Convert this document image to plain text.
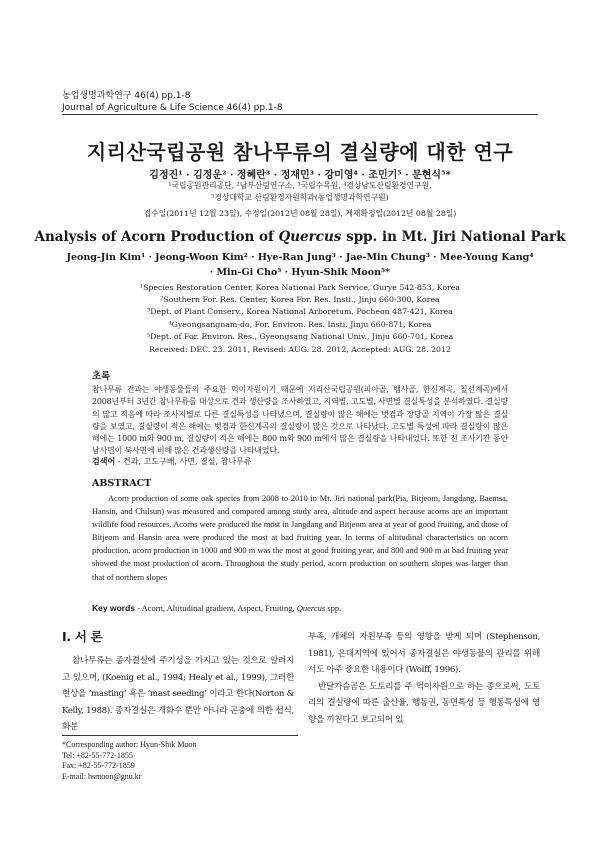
농업생명과학연구 46(4) pp.1-8
Journal of Agriculture & Life Science 46(4) pp.1-8
지리산국립공원 참나무류의 결실량에 대한 연구
김정진¹ · 김정운² · 정혜란³ · 정재민³ · 강미영⁴ · 조민기⁵ · 문현식⁵*
¹국립공원관리공단, ²남부산림연구소, ³국립수목원, ⁴경상남도산림환경연구원,
⁵경상대학교 산림환경자원학과(농업생명과학연구원)
접수일(2011년 12월 23일), 수정일(2012년 08월 28일), 게재확정일(2012년 08월 28일)
Analysis of Acorn Production of Quercus spp. in Mt. Jiri National Park
Jeong-Jin Kim¹ · Jeong-Woon Kim² · Hye-Ran Jung³ · Jae-Min Chung³ · Mee-Young Kang⁴
· Min-Gi Cho⁵ · Hyun-Shik Moon⁵*
¹Species Restoration Center, Korea National Park Service, Gurye 542-853, Korea
²Southern For. Res. Center, Korea For. Res. Insti., Jinju 660-300, Korea
³Dept. of Plant Conserv., Korea National Arboretum, Pocheon 487-421, Korea
⁴Gyeongsangnam-do, For. Environ. Res. Insti. Jinju 660-871, Korea
⁵Dept. of For. Environ. Res., Gyeongsang National Univ., Jinju 660-701, Korea
Received: DEC. 23. 2011, Revised: AUG. 28. 2012, Accepted: AUG. 28. 2012
초록
참나무류 견과는 야생동물들의 주요한 먹이자원이기 때문에 지리산국립공원(피아골, 뱀사골, 한신계곡, 칠선계곡)에서 2008년부터 3년간 참나무류를 대상으로 견과 생산량을 조사하였고, 지역별, 고도별, 사면별 결실특성을 분석하였다. 결실량의 많고 적음에 따라 조사지별로 다른 결실특성을 나타냈으며, 결실량이 많은 해에는 벗겸과 장당골 지역이 가장 많은 결실량을 보였고, 결실량이 적은 해에는 벗겸과 한신계곡의 결실량이 많은 것으로 나타났다. 고도별 특성에 따라 결실량이 많은 해에는 1000 m와 900 m, 결실량이 적은 해에는 800 m와 900 m에서 많은 결실량을 나타내었다. 또한 전 조사기간 동안 남사면이 북사면에 비해 많은 견과생산량을 나타내었다.
검색어 - 견과, 고도구배, 사면, 결실, 참나무류
ABSTRACT

Acorn production of some oak species from 2008 to 2010 in Mt. Jiri national park(Pia, Bitjeom, Jangdang, Baemsa, Hansin, and Chilsun) was measured and compared among study area, altitude and aspect because acorns are an important wildlife food resources. Acorns were produced the most in Jangdang and Bitjeom area at year of good fruiting, and those of Bitjeom and Hansin area were produced the most at bad fruiting year. In terms of altitudinal characteristics on acorn production, acorn production in 1000 and 900 m was the most at good fruiting year, and 800 and 900 m at bad fruiting year showed the most production of acorn. Throughout the study period, acorn production on southern slopes was larger than that of northern slopes

Key words - Acorn, Altitudinal gradient, Aspect, Fruiting, Quercus spp.
Ⅰ. 서 론

참나무류는 종자결실에 주기성을 가지고 있는 것으로 알려지고 있으며, (Koenig et al., 1994; Healy et al., 1999), 그러한 현상을 ‘masting’ 혹은 ‘mast seeding’ 이라고 한다(Norton & Kelly, 1988). 종자결실은 개화수 뿐만 아니라 곤충에 의한 섭식, 화분

부족, 개체의 자원부족 등의 영향을 받게 되며 (Stephenson, 1981), 온대지역에 있어서 종자결실은 야생동물의 관리를 위해서도 아주 중요한 내용이다 (Wolff, 1996).

반달가슴곰은 도토리를 주 먹이자원으로 하는 종으로써, 도토리의 결실량에 따른 출산율, 행동권, 동면특성 등 행동특성에 영향을 끼친다고 보고되어 있

*Corresponding author: Hyun-Shik Moon
Tel: +82-55-772-1855
Fax: +82-55-772-1859
E-mail: hsmoon@gnu.kr
